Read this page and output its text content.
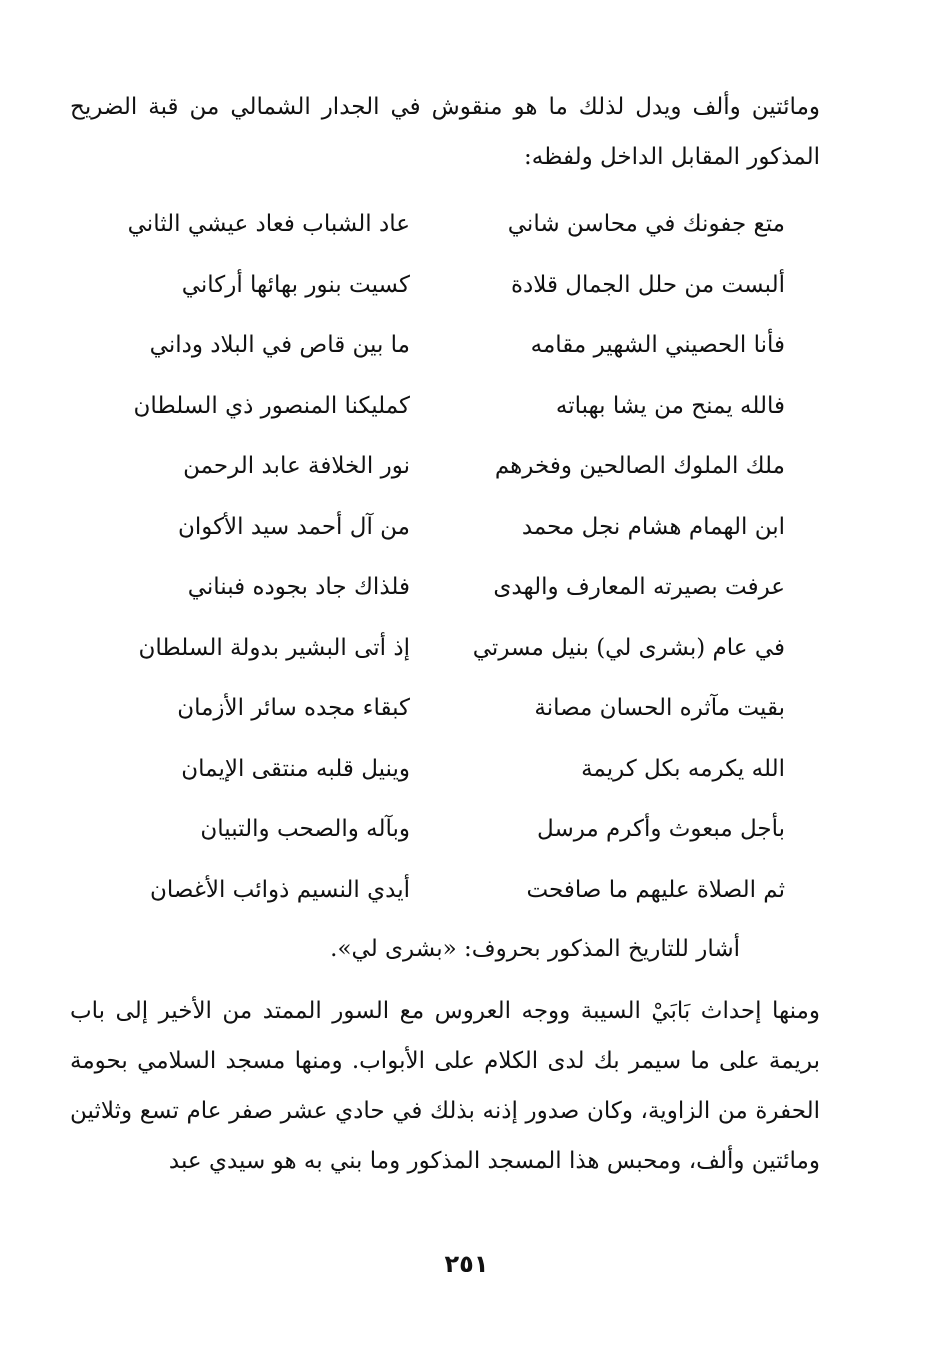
ومائتين وألف ويدل لذلك ما هو منقوش في الجدار الشمالي من قبة الضريح المذكور المقابل الداخل ولفظه:

متع جفونك في محاسن شاني
عاد الشباب فعاد عيشي الثاني
ألبست من حلل الجمال قلادة
كسيت بنور بهائها أركاني
فأنا الحصيني الشهير مقامه
ما بين قاص في البلاد وداني
فالله يمنح من يشا بهباته
كمليكنا المنصور ذي السلطان
ملك الملوك الصالحين وفخرهم
نور الخلافة عابد الرحمن
ابن الهمام هشام نجل محمد
من آل أحمد سيد الأكوان
عرفت بصيرته المعارف والهدى
فلذاك جاد بجوده فبناني
في عام (بشرى لي) بنيل مسرتي
إذ أتى البشير بدولة السلطان
بقيت مآثره الحسان مصانة
كبقاء مجده سائر الأزمان
الله يكرمه بكل كريمة
وينيل قلبه منتقى الإيمان
بأجل مبعوث وأكرم مرسل
وبآله والصحب والتبيان
ثم الصلاة عليهم ما صافحت
أيدي النسيم ذوائب الأغصان

أشار للتاريخ المذكور بحروف: «بشرى لي».

ومنها إحداث بَابَيْ السيبة ووجه العروس مع السور الممتد من الأخير إلى باب بريمة على ما سيمر بك لدى الكلام على الأبواب. ومنها مسجد السلامي بحومة الحفرة من الزاوية، وكان صدور إذنه بذلك في حادي عشر صفر عام تسع وثلاثين ومائتين وألف، ومحبس هذا المسجد المذكور وما بني به هو سيدي عبد

٢٥١
